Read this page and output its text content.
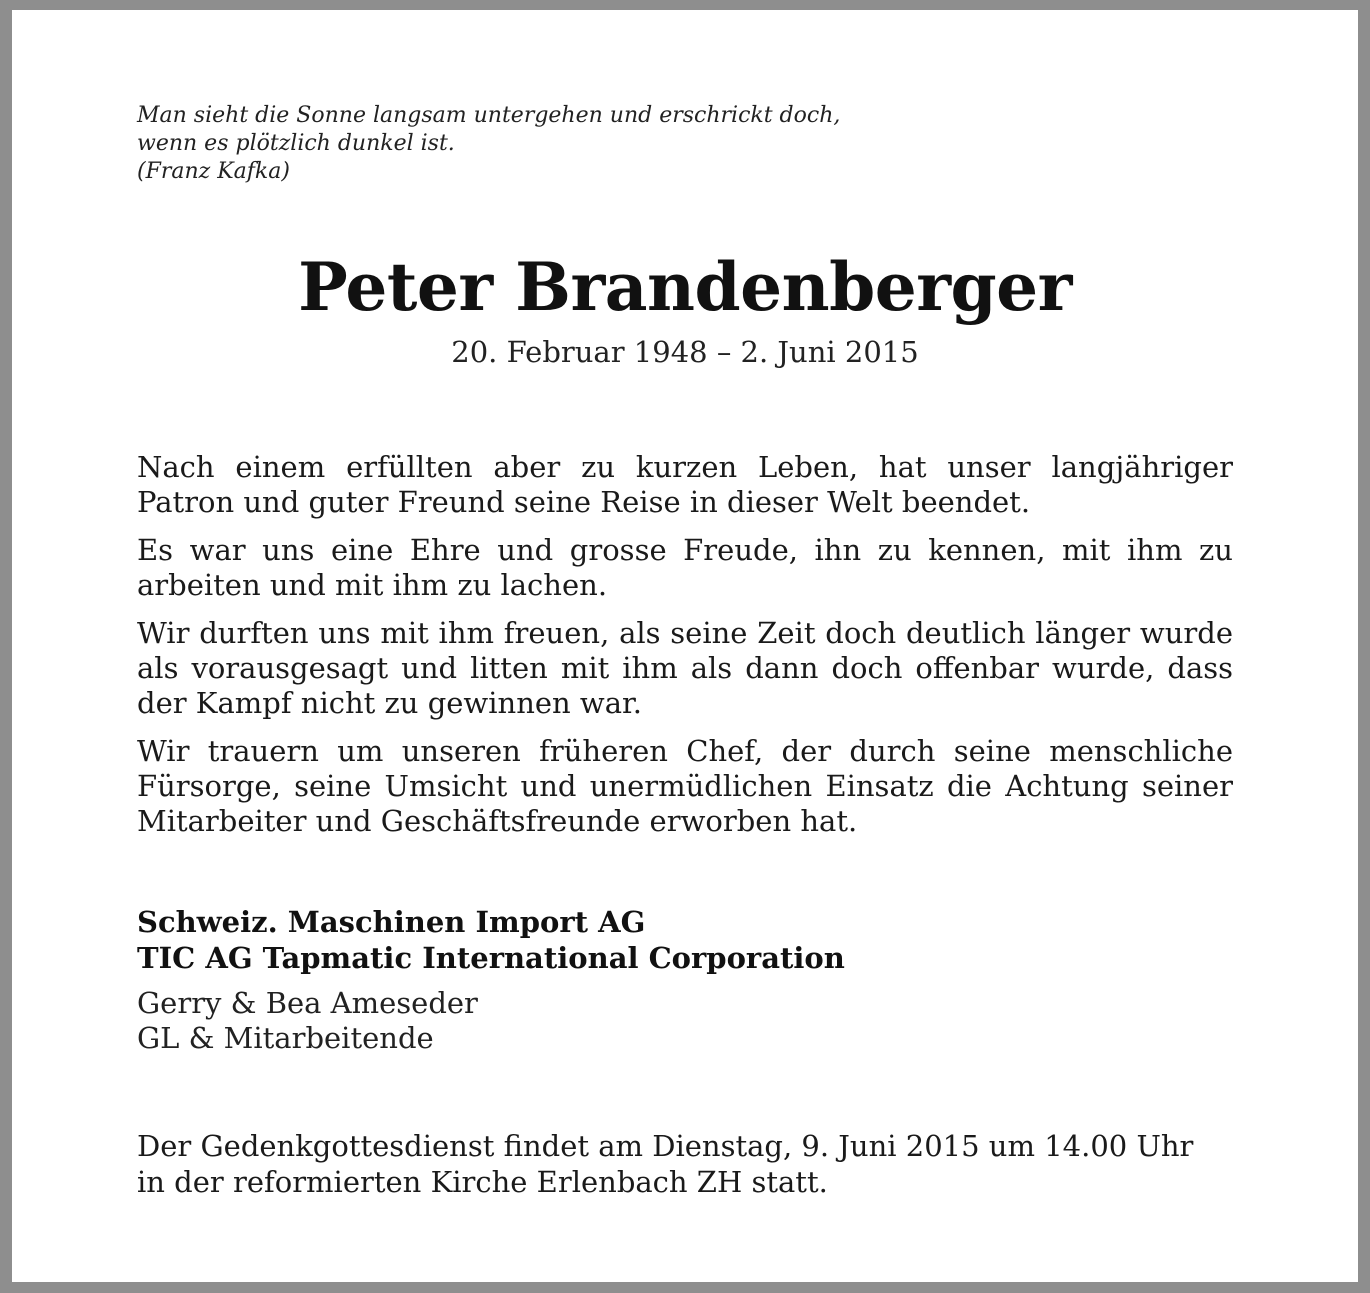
Man sieht die Sonne langsam untergehen und erschrickt doch,
wenn es plötzlich dunkel ist.
(Franz Kafka)
Peter Brandenberger
20. Februar 1948 – 2. Juni 2015

Nach einem erfüllten aber zu kurzen Leben, hat unser langjähriger Patron und guter Freund seine Reise in dieser Welt beendet.

Es war uns eine Ehre und grosse Freude, ihn zu kennen, mit ihm zu arbeiten und mit ihm zu lachen.

Wir durften uns mit ihm freuen, als seine Zeit doch deutlich länger wurde als vorausgesagt und litten mit ihm als dann doch offenbar wurde, dass der Kampf nicht zu gewinnen war.

Wir trauern um unseren früheren Chef, der durch seine menschliche Fürsorge, seine Umsicht und unermüdlichen Einsatz die Achtung seiner Mitarbeiter und Geschäftsfreunde erworben hat.

Schweiz. Maschinen Import AG
TIC AG Tapmatic International Corporation
Gerry & Bea Ameseder
GL & Mitarbeitende
Der Gedenkgottesdienst findet am Dienstag, 9. Juni 2015 um 14.00 Uhr
in der reformierten Kirche Erlenbach ZH statt.
